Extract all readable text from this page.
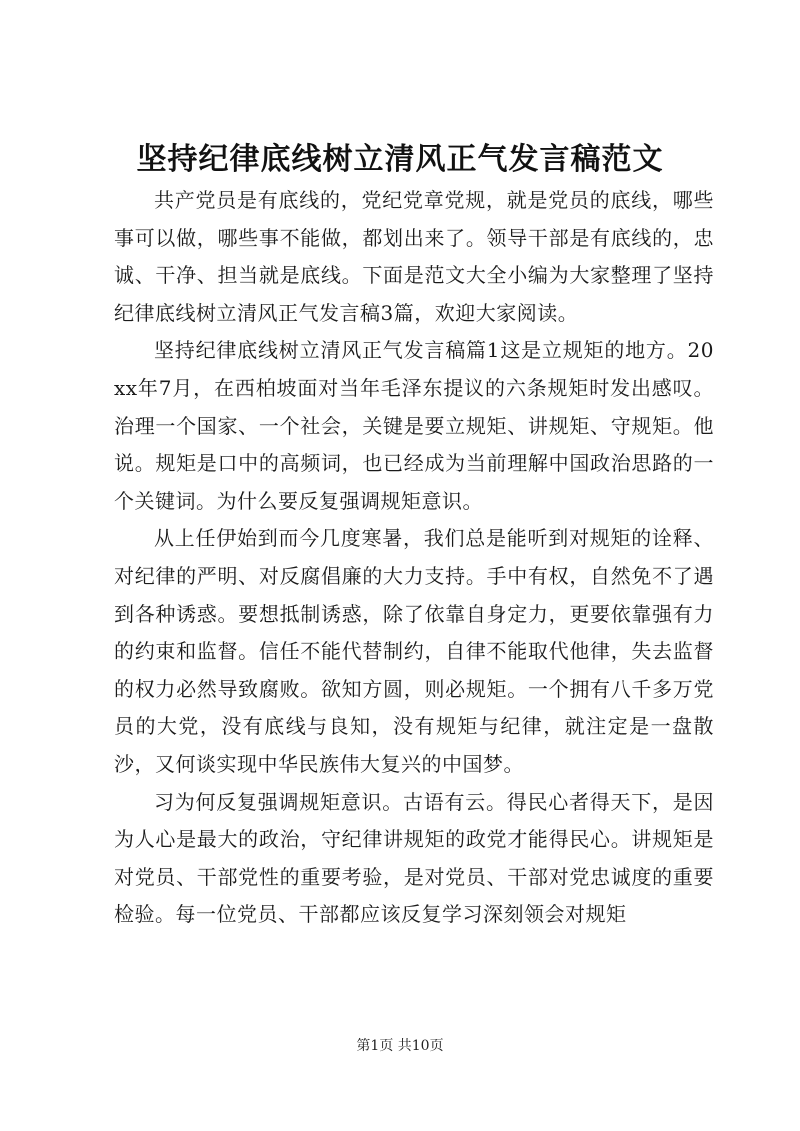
坚持纪律底线树立清风正气发言稿范文

共产党员是有底线的，党纪党章党规，就是党员的底线，哪些事可以做，哪些事不能做，都划出来了。领导干部是有底线的，忠诚、干净、担当就是底线。下面是范文大全小编为大家整理了坚持纪律底线树立清风正气发言稿3篇，欢迎大家阅读。

坚持纪律底线树立清风正气发言稿篇1这是立规矩的地方。20xx年7月，在西柏坡面对当年毛泽东提议的六条规矩时发出感叹。治理一个国家、一个社会，关键是要立规矩、讲规矩、守规矩。他说。规矩是口中的高频词，也已经成为当前理解中国政治思路的一个关键词。为什么要反复强调规矩意识。

从上任伊始到而今几度寒暑，我们总是能听到对规矩的诠释、对纪律的严明、对反腐倡廉的大力支持。手中有权，自然免不了遇到各种诱惑。要想抵制诱惑，除了依靠自身定力，更要依靠强有力的约束和监督。信任不能代替制约，自律不能取代他律，失去监督的权力必然导致腐败。欲知方圆，则必规矩。一个拥有八千多万党员的大党，没有底线与良知，没有规矩与纪律，就注定是一盘散沙，又何谈实现中华民族伟大复兴的中国梦。

习为何反复强调规矩意识。古语有云。得民心者得天下，是因为人心是最大的政治，守纪律讲规矩的政党才能得民心。讲规矩是对党员、干部党性的重要考验，是对党员、干部对党忠诚度的重要检验。每一位党员、干部都应该反复学习深刻领会对规矩

第1页 共10页
